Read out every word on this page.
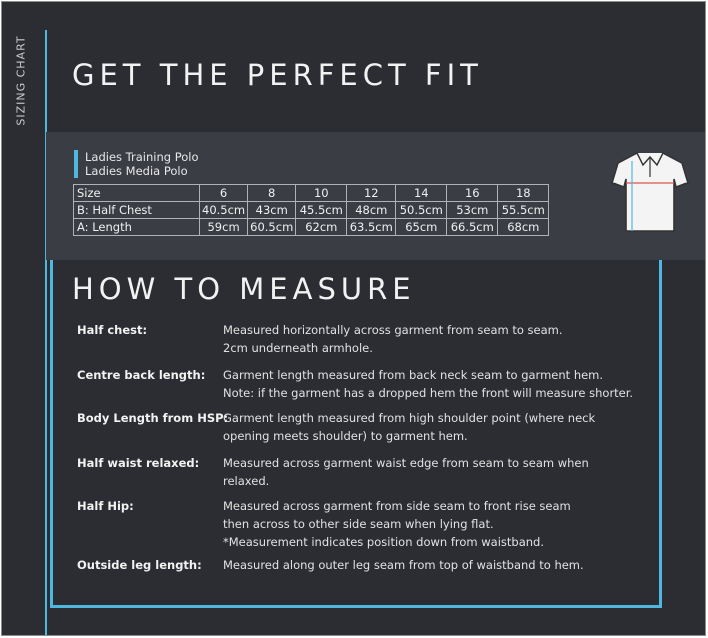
SIZING CHART GET THE PERFECT FIT
Ladies Training Polo
Ladies Media Polo
Size	6	8	10	12	14	16	18
B: Half Chest	40.5cm	43cm	45.5cm	48cm	50.5cm	53cm	55.5cm
A: Length	59cm	60.5cm	62cm	63.5cm	65cm	66.5cm	68cm
HOW TO MEASURE
Half chest:	Measured horizontally across garment from seam to seam.
2cm underneath armhole.
Centre back length: Garment length measured from back neck seam to garment hem.
Note: if the garment has a dropped hem the front will measure shorter.
Body Length from HSP:
Garment length measured from high shoulder point (where neck
opening meets shoulder) to garment hem.
Half waist relaxed: Measured across garment waist edge from seam to seam when
relaxed.
Half Hip:	Measured across garment from side seam to front rise seam
then across to other side seam when lying flat.
*Measurement indicates position down from waistband.
Outside leg length: Measured along outer leg seam from top of waistband to hem.
